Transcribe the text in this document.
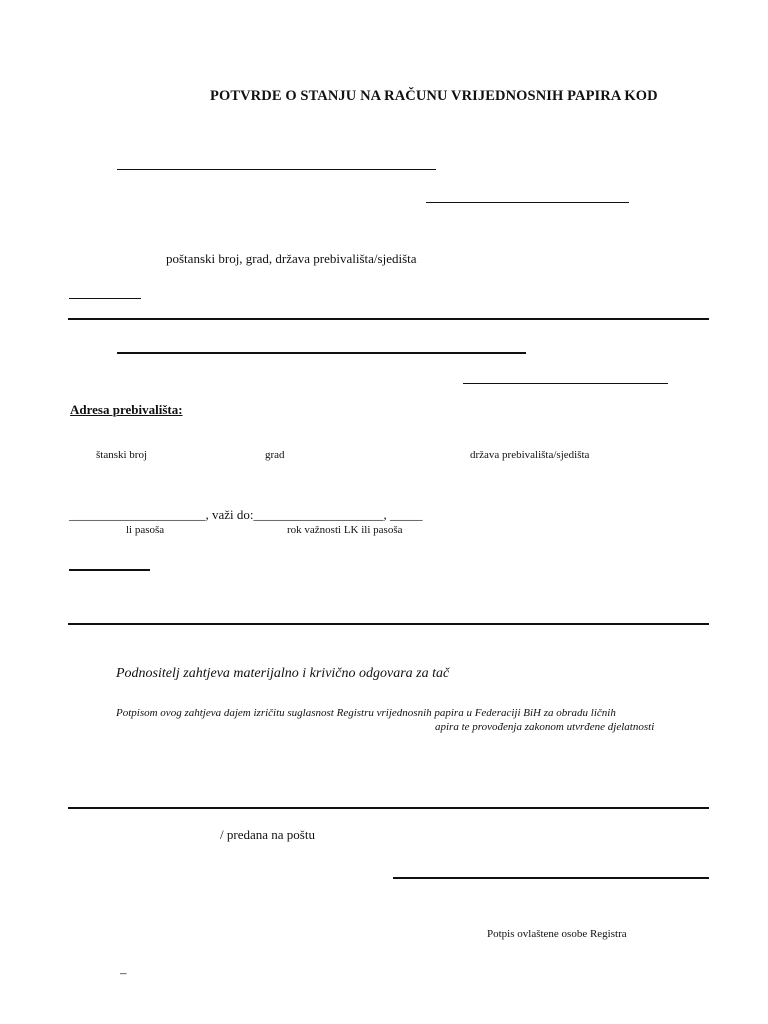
POTVRDE O STANJU NA RAČUNU VRIJEDNOSNIH PAPIRA KOD
poštanski broj, grad, država prebivališta/sjedišta
Adresa prebivališta:
štanski broj	grad	država prebivališta/sjedišta
_____________________, važi do:____________________, _____
li pasoša	rok važnosti LK ili pasoša
Podnositelj zahtjeva materijalno i krivično odgovara za tač
Potpisom ovog zahtjeva dajem izričitu suglasnost Registru vrijednosnih papira u Federaciji BiH za obradu ličnih
apira te provođenja zakonom utvrđene djelatnosti
/ predana na poštu
Potpis ovlaštene osobe Registra
–
